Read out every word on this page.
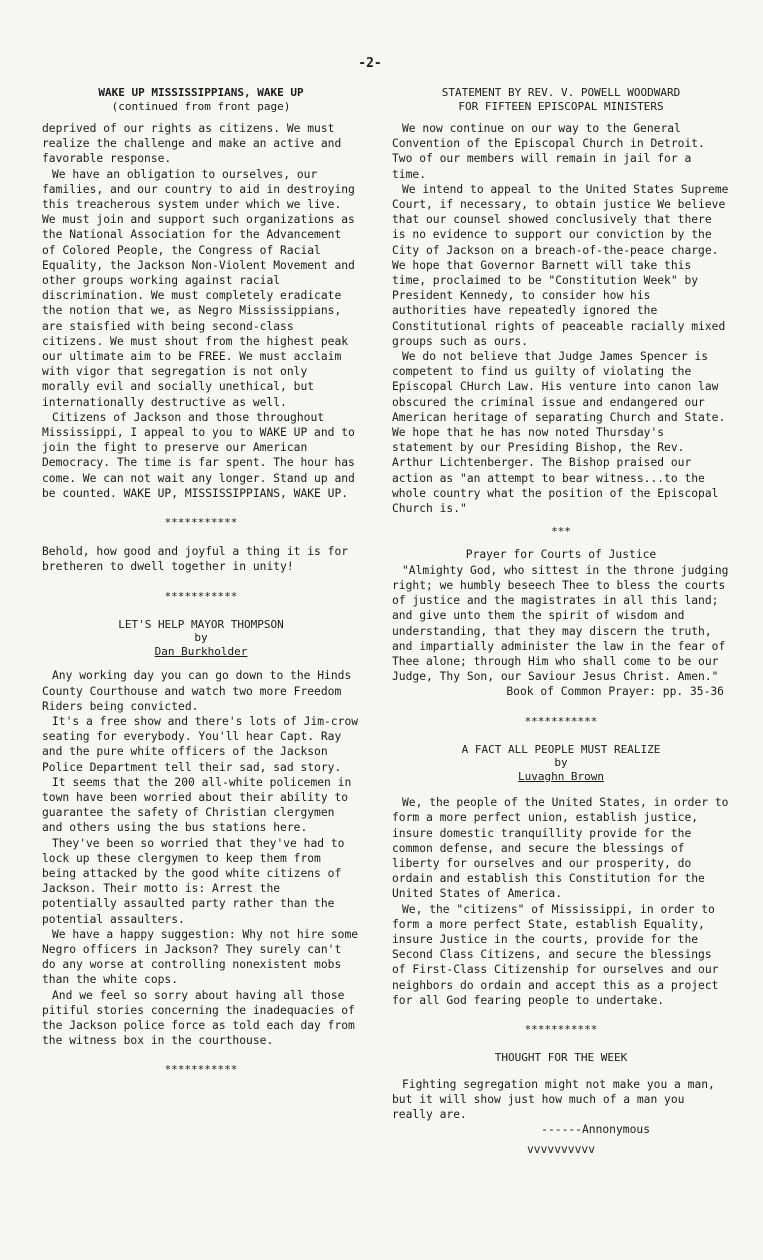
-2-
WAKE UP MISSISSIPPIANS, WAKE UP
(continued from front page)

deprived of our rights as citizens. We must realize the challenge and make an active and favorable response.

We have an obligation to ourselves, our families, and our country to aid in destroying this treacherous system under which we live. We must join and support such organizations as the National Association for the Advancement of Colored People, the Congress of Racial Equality, the Jackson Non-Violent Movement and other groups working against racial discrimination. We must completely eradicate the notion that we, as Negro Mississippians, are staisfied with being second-class citizens. We must shout from the highest peak our ultimate aim to be FREE. We must acclaim with vigor that segregation is not only morally evil and socially unethical, but internationally destructive as well.

Citizens of Jackson and those throughout Mississippi, I appeal to you to WAKE UP and to join the fight to preserve our American Democracy. The time is far spent. The hour has come. We can not wait any longer. Stand up and be counted. WAKE UP, MISSISSIPPIANS, WAKE UP.

***********

Behold, how good and joyful a thing it is for bretheren to dwell together in unity!

***********
LET'S HELP MAYOR THOMPSON
by
Dan Burkholder

Any working day you can go down to the Hinds County Courthouse and watch two more Freedom Riders being convicted.

It's a free show and there's lots of Jim-crow seating for everybody. You'll hear Capt. Ray and the pure white officers of the Jackson Police Department tell their sad, sad story.

It seems that the 200 all-white policemen in town have been worried about their ability to guarantee the safety of Christian clergymen and others using the bus stations here.

They've been so worried that they've had to lock up these clergymen to keep them from being attacked by the good white citizens of Jackson. Their motto is: Arrest the potentially assaulted party rather than the potential assaulters.

We have a happy suggestion: Why not hire some Negro officers in Jackson? They surely can't do any worse at controlling nonexistent mobs than the white cops.

And we feel so sorry about having all those pitiful stories concerning the inadequacies of the Jackson police force as told each day from the witness box in the courthouse.

***********
STATEMENT BY REV. V. POWELL WOODWARD
FOR FIFTEEN EPISCOPAL MINISTERS

We now continue on our way to the General Convention of the Episcopal Church in Detroit. Two of our members will remain in jail for a time.

We intend to appeal to the United States Supreme Court, if necessary, to obtain justice We believe that our counsel showed conclusively that there is no evidence to support our conviction by the City of Jackson on a breach-of-the-peace charge. We hope that Governor Barnett will take this time, proclaimed to be "Constitution Week" by President Kennedy, to consider how his authorities have repeatedly ignored the Constitutional rights of peaceable racially mixed groups such as ours.

We do not believe that Judge James Spencer is competent to find us guilty of violating the Episcopal CHurch Law. His venture into canon law obscured the criminal issue and endangered our American heritage of separating Church and State. We hope that he has now noted Thursday's statement by our Presiding Bishop, the Rev. Arthur Lichtenberger. The Bishop praised our action as "an attempt to bear witness...to the whole country what the position of the Episcopal Church is."

***

Prayer for Courts of Justice

"Almighty God, who sittest in the throne judging right; we humbly beseech Thee to bless the courts of justice and the magistrates in all this land; and give unto them the spirit of wisdom and understanding, that they may discern the truth, and impartially administer the law in the fear of Thee alone; through Him who shall come to be our Judge, Thy Son, our Saviour Jesus Christ. Amen."

Book of Common Prayer: pp. 35-36

***********
A FACT ALL PEOPLE MUST REALIZE
by
Luvaghn Brown

We, the people of the United States, in order to form a more perfect union, establish justice, insure domestic tranquillity provide for the common defense, and secure the blessings of liberty for ourselves and our prosperity, do ordain and establish this Constitution for the United States of America.

We, the "citizens" of Mississippi, in order to form a more perfect State, establish Equality, insure Justice in the courts, provide for the Second Class Citizens, and secure the blessings of First-Class Citizenship for ourselves and our neighbors do ordain and accept this as a project for all God fearing people to undertake.

***********
THOUGHT FOR THE WEEK

Fighting segregation might not make you a man, but it will show just how much of a man you really are.

------Annonymous

vvvvvvvvvv
